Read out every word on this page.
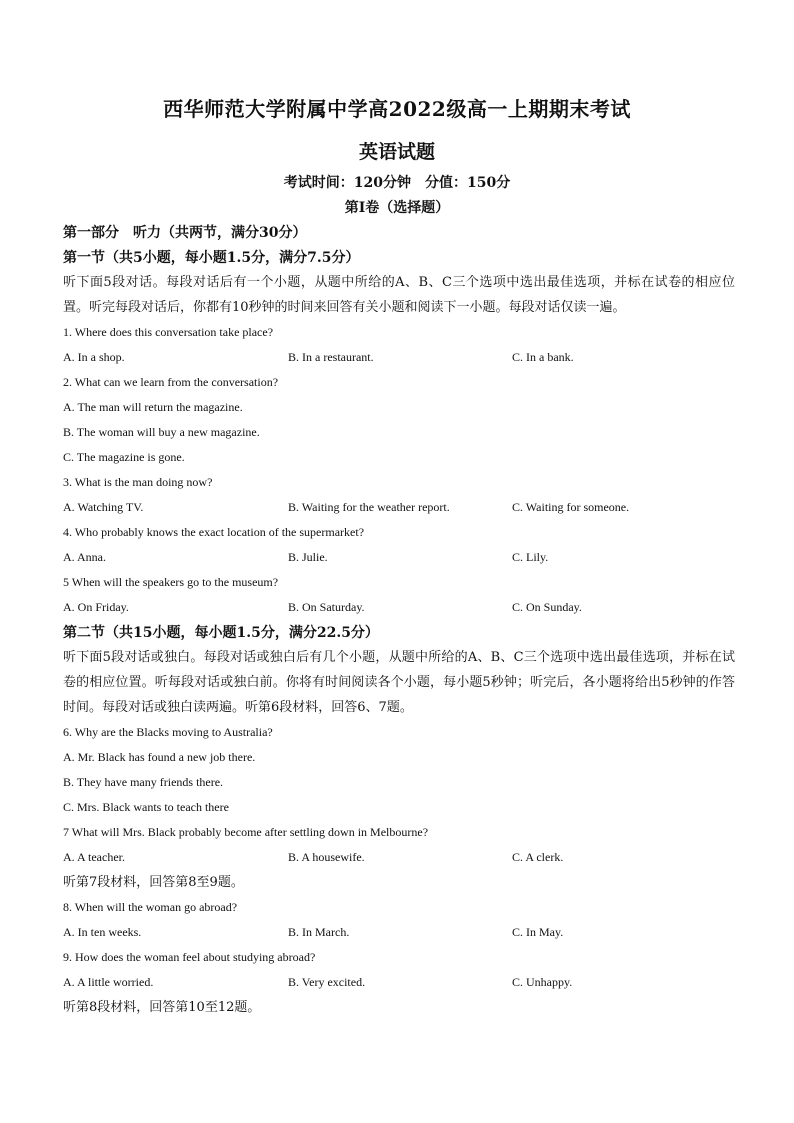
西华师范大学附属中学高2022级高一上期期末考试
英语试题
考试时间：120分钟　分值：150分
第Ⅰ卷（选择题）
第一部分　听力（共两节，满分30分）
第一节（共5小题，每小题1.5分，满分7.5分）
听下面5段对话。每段对话后有一个小题，从题中所给的A、B、C三个选项中选出最佳选项，并标在试卷的相应位置。听完每段对话后，你都有10秒钟的时间来回答有关小题和阅读下一小题。每段对话仅读一遍。
1. Where does this conversation take place?
A. In a shop.	B. In a restaurant.	C. In a bank.
2. What can we learn from the conversation?
A. The man will return the magazine.
B. The woman will buy a new magazine.
C. The magazine is gone.
3. What is the man doing now?
A. Watching TV.	B. Waiting for the weather report.	C. Waiting for someone.
4. Who probably knows the exact location of the supermarket?
A. Anna.	B. Julie.	C. Lily.
5 When will the speakers go to the museum?
A. On Friday.	B. On Saturday.	C. On Sunday.
第二节（共15小题，每小题1.5分，满分22.5分）
听下面5段对话或独白。每段对话或独白后有几个小题，从题中所给的A、B、C三个选项中选出最佳选项，并标在试卷的相应位置。听每段对话或独白前。你将有时间阅读各个小题，每小题5秒钟；听完后，各小题将给出5秒钟的作答时间。每段对话或独白读两遍。听第6段材料，回答6、7题。
6. Why are the Blacks moving to Australia?
A. Mr. Black has found a new job there.
B. They have many friends there.
C. Mrs. Black wants to teach there
7 What will Mrs. Black probably become after settling down in Melbourne?
A. A teacher.	B. A housewife.	C. A clerk.
听第7段材料，回答第8至9题。
8. When will the woman go abroad?
A. In ten weeks.	B. In March.	C. In May.
9. How does the woman feel about studying abroad?
A. A little worried.	B. Very excited.	C. Unhappy.
听第8段材料，回答第10至12题。
